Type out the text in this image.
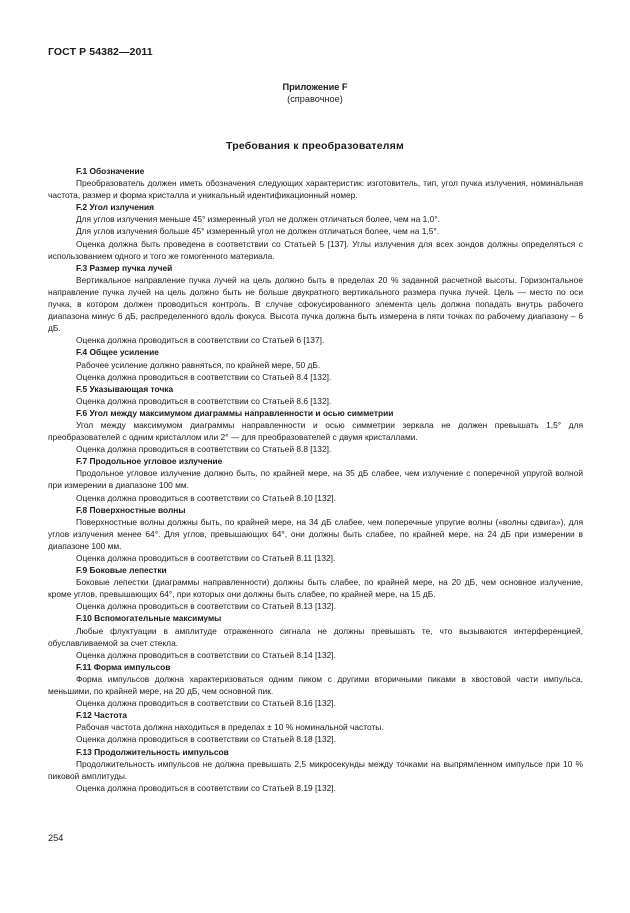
ГОСТ Р 54382—2011
Приложение F
(справочное)
Требования к преобразователям
F.1 Обозначение

Преобразователь должен иметь обозначения следующих характеристик: изготовитель, тип, угол пучка излучения, номинальная частота, размер и форма кристалла и уникальный идентификационный номер.

F.2 Угол излучения

Для углов излучения меньше 45° измеренный угол не должен отличаться более, чем на 1,0°.

Для углов излучения больше 45° измеренный угол не должен отличаться более, чем на 1,5°.

Оценка должна быть проведена в соответствии со Статьей 5 [137]. Углы излучения для всех зондов должны определяться с использованием одного и того же гомогенного материала.

F.3 Размер пучка лучей

Вертикальное направление пучка лучей на цель должно быть в пределах 20 % заданной расчетной высоты. Горизонтальное направление пучка лучей на цель должно быть не больше двукратного вертикального размера пучка лучей. Цель — место по оси пучка, в котором должен проводиться контроль. В случае сфокусированного элемента цель должна попадать внутрь рабочего диапазона минус 6 дБ, распределенного вдоль фокуса. Высота пучка должна быть измерена в пяти точках по рабочему диапазону – 6 дБ.

Оценка должна проводиться в соответствии со Статьей 6 [137].

F.4 Общее усиление

Рабочее усиление должно равняться, по крайней мере, 50 дБ.

Оценка должна проводиться в соответствии со Статьей 8.4 [132].

F.5 Указывающая точка

Оценка должна проводиться в соответствии со Статьей 8.6 [132].

F.6 Угол между максимумом диаграммы направленности и осью симметрии

Угол между максимумом диаграммы направленности и осью симметрии зеркала не должен превышать 1,5° для преобразователей с одним кристаллом или 2° — для преобразователей с двумя кристаллами.

Оценка должна проводиться в соответствии со Статьей 8.8 [132].

F.7 Продольное угловое излучение

Продольное угловое излучение должно быть, по крайней мере, на 35 дБ слабее, чем излучение с поперечной упругой волной при измерении в диапазоне 100 мм.

Оценка должна проводиться в соответствии со Статьей 8.10 [132].

F.8 Поверхностные волны

Поверхностные волны должны быть, по крайней мере, на 34 дБ слабее, чем поперечные упругие волны («волны сдвига»), для углов излучения менее 64°. Для углов, превышающих 64°, они должны быть слабее, по крайней мере, на 24 дБ при измерении в диапазоне 100 мм.

Оценка должна проводиться в соответствии со Статьей 8.11 [132].

F.9 Боковые лепестки

Боковые лепестки (диаграммы направленности) должны быть слабее, по крайней мере, на 20 дБ, чем основное излучение, кроме углов, превышающих 64°, при которых они должны быть слабее, по крайней мере, на 15 дБ.

Оценка должна проводиться в соответствии со Статьей 8.13 [132].

F.10 Вспомогательные максимумы

Любые флуктуации в амплитуде отраженного сигнала не должны превышать те, что вызываются интерференцией, обуславливаемой за счет стекла.

Оценка должна проводиться в соответствии со Статьей 8.14 [132].

F.11 Форма импульсов

Форма импульсов должна характеризоваться одним пиком с другими вторичными пиками в хвостовой части импульса, меньшими, по крайней мере, на 20 дБ, чем основной пик.

Оценка должна проводиться в соответствии со Статьей 8.16 [132].

F.12 Частота

Рабочая частота должна находиться в пределах ± 10 % номинальной частоты.

Оценка должна проводиться в соответствии со Статьей 8.18 [132].

F.13 Продолжительность импульсов

Продолжительность импульсов не должна превышать 2,5 микросекунды между точками на выпрямленном импульсе при 10 % пиковой амплитуды.

Оценка должна проводиться в соответствии со Статьей 8.19 [132].

254
